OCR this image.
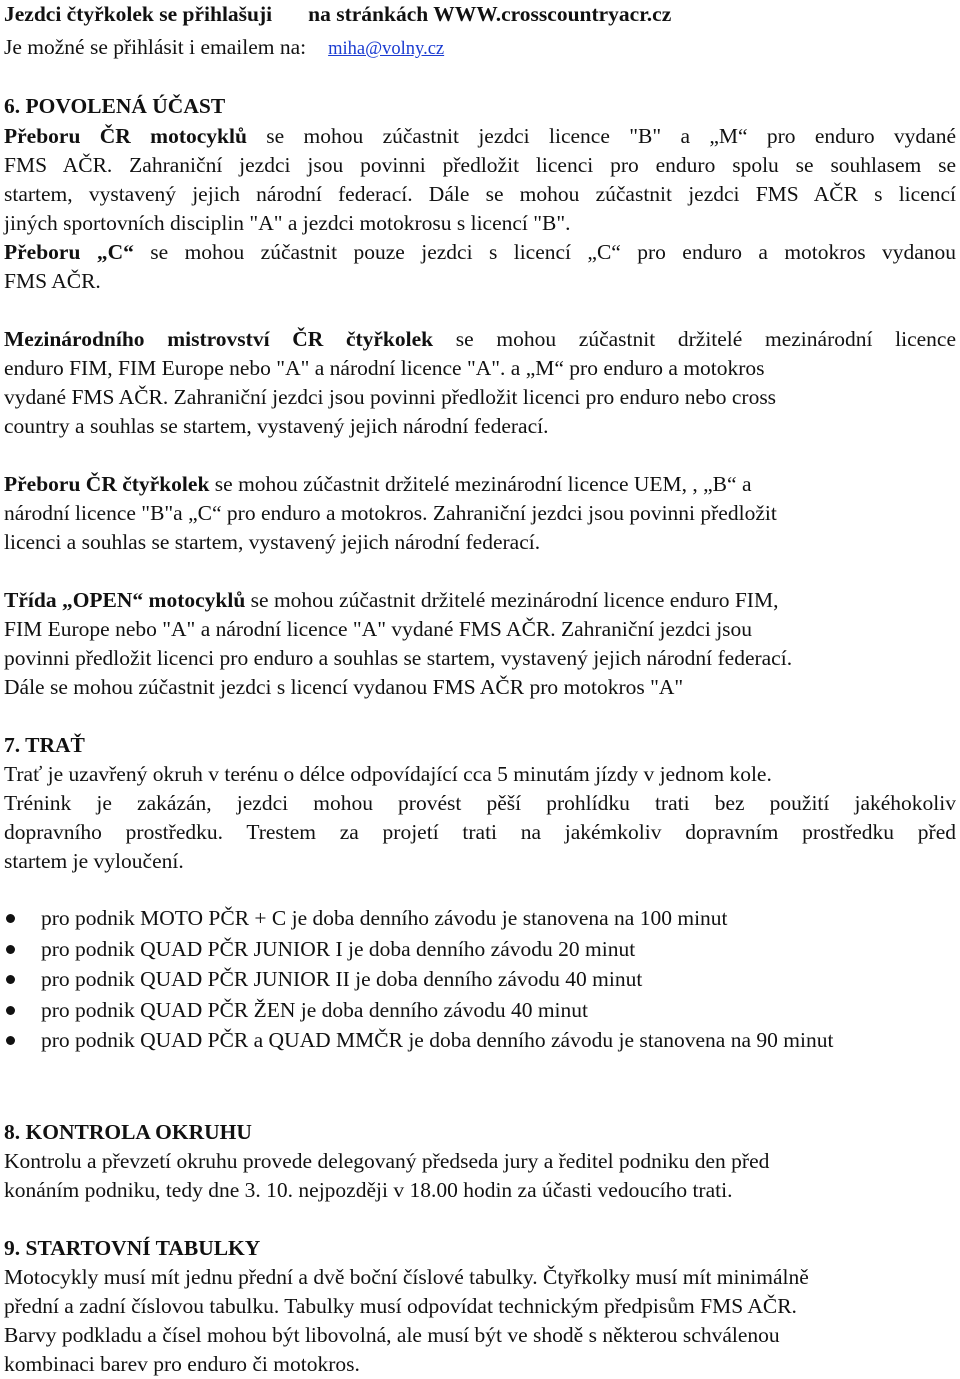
Jezdci čtyřkolek se přihlašuji na stránkách WWW.crosscountryacr.cz
Je možné se přihlásit i emailem na: miha@volny.cz
6. POVOLENÁ ÚČAST
Přeboru ČR motocyklů se mohou zúčastnit jezdci licence "B" a „M“ pro enduro vydané
FMS AČR. Zahraniční jezdci jsou povinni předložit licenci pro enduro spolu se souhlasem se
startem, vystavený jejich národní federací. Dále se mohou zúčastnit jezdci FMS AČR s licencí
jiných sportovních disciplin "A" a jezdci motokrosu s licencí "B".
Přeboru „C“ se mohou zúčastnit pouze jezdci s licencí „C“ pro enduro a motokros vydanou
FMS AČR.
Mezinárodního mistrovství ČR čtyřkolek se mohou zúčastnit držitelé mezinárodní licence
enduro FIM, FIM Europe nebo "A" a národní licence "A". a „M“ pro enduro a motokros
vydané FMS AČR. Zahraniční jezdci jsou povinni předložit licenci pro enduro nebo cross
country a souhlas se startem, vystavený jejich národní federací.
Přeboru ČR čtyřkolek se mohou zúčastnit držitelé mezinárodní licence UEM, , „B“ a
národní licence "B"a „C“ pro enduro a motokros. Zahraniční jezdci jsou povinni předložit
licenci a souhlas se startem, vystavený jejich národní federací.
Třída „OPEN“ motocyklů se mohou zúčastnit držitelé mezinárodní licence enduro FIM,
FIM Europe nebo "A" a národní licence "A" vydané FMS AČR. Zahraniční jezdci jsou
povinni předložit licenci pro enduro a souhlas se startem, vystavený jejich národní federací.
Dále se mohou zúčastnit jezdci s licencí vydanou FMS AČR pro motokros "A"
7. TRAŤ
Trať je uzavřený okruh v terénu o délce odpovídající cca 5 minutám jízdy v jednom kole.
Trénink je zakázán, jezdci mohou provést pěší prohlídku trati bez použití jakéhokoliv
dopravního prostředku. Trestem za projetí trati na jakémkoliv dopravním prostředku před
startem je vyloučení.
pro podnik MOTO PČR + C je doba denního závodu je stanovena na 100 minut
pro podnik QUAD PČR JUNIOR I je doba denního závodu 20 minut
pro podnik QUAD PČR JUNIOR II je doba denního závodu 40 minut
pro podnik QUAD PČR ŽEN je doba denního závodu 40 minut
pro podnik QUAD PČR a QUAD MMČR je doba denního závodu je stanovena na 90 minut
8. KONTROLA OKRUHU
Kontrolu a převzetí okruhu provede delegovaný předseda jury a ředitel podniku den před
konáním podniku, tedy dne 3. 10. nejpozději v 18.00 hodin za účasti vedoucího trati.
9. STARTOVNÍ TABULKY
Motocykly musí mít jednu přední a dvě boční číslové tabulky. Čtyřkolky musí mít minimálně
přední a zadní číslovou tabulku. Tabulky musí odpovídat technickým předpisům FMS AČR.
Barvy podkladu a čísel mohou být libovolná, ale musí být ve shodě s některou schválenou
kombinaci barev pro enduro či motokros.
